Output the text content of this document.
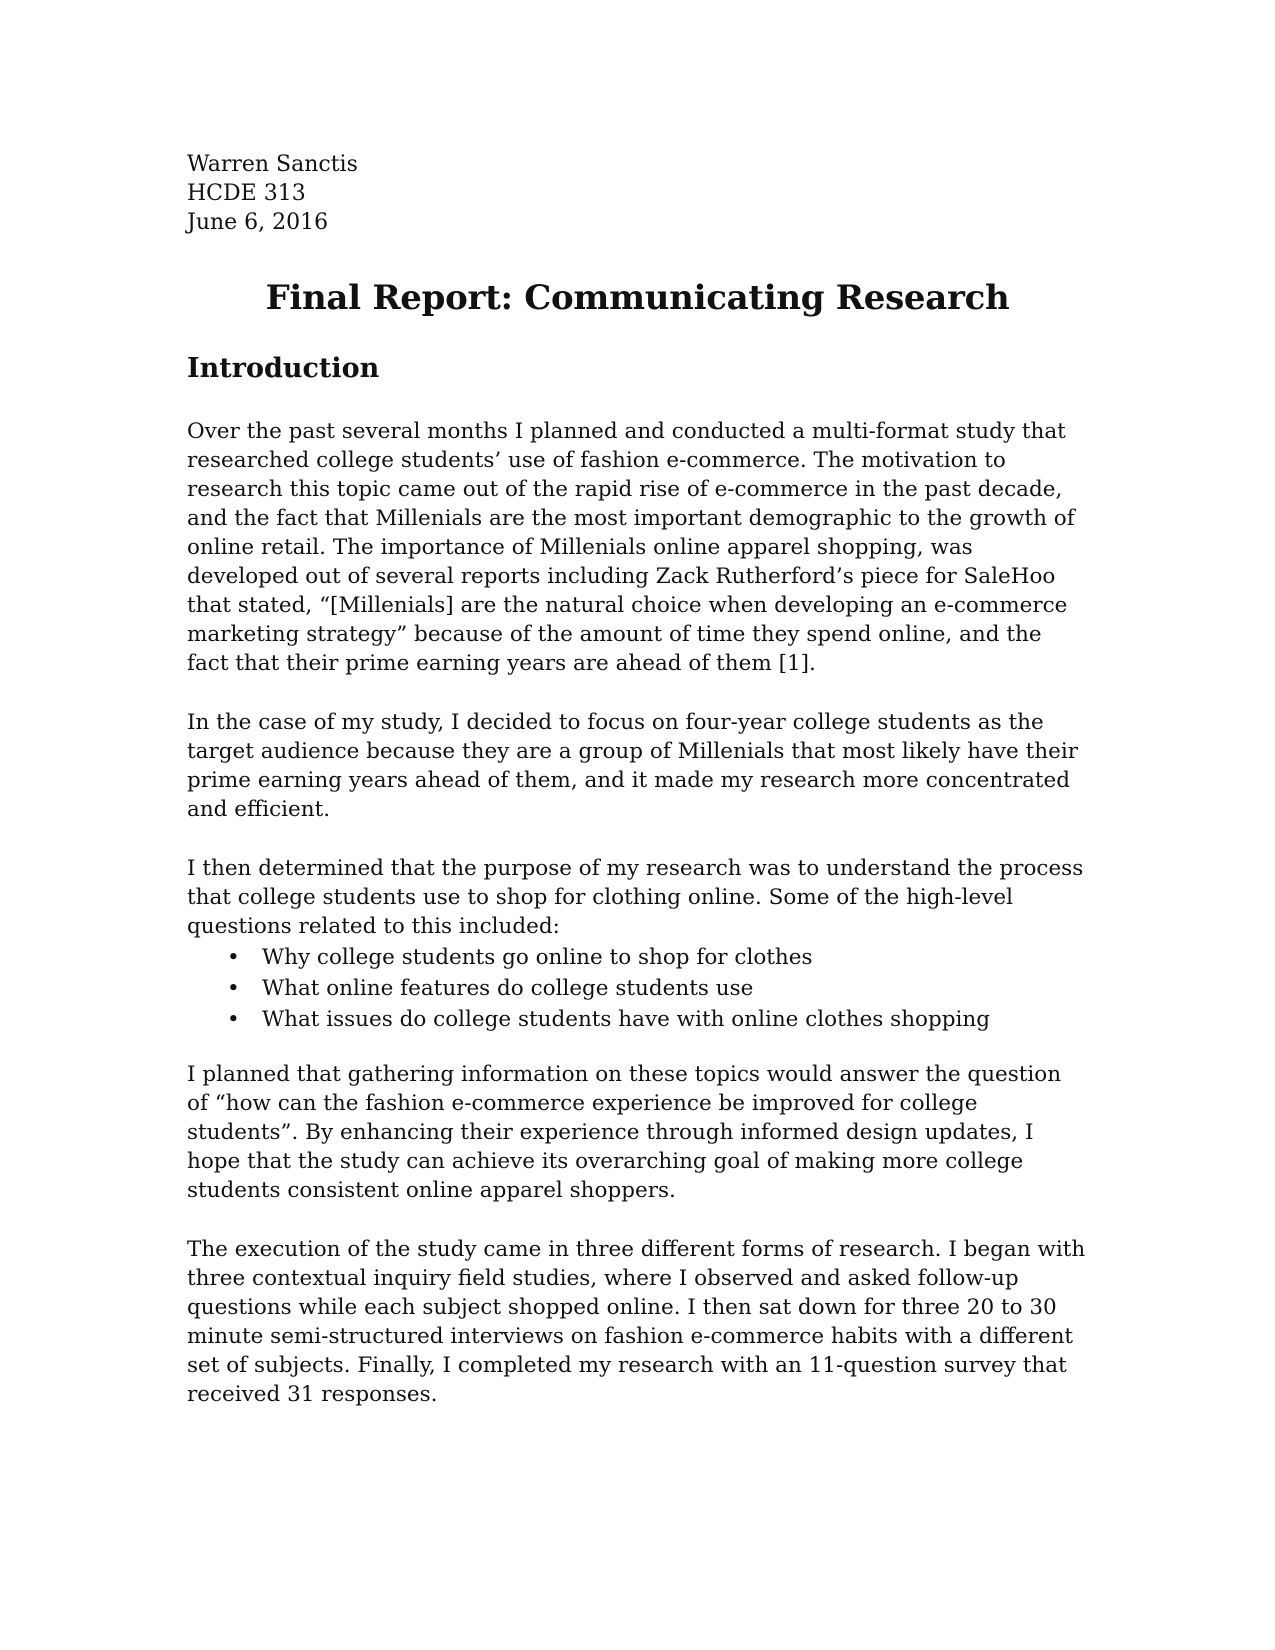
Warren Sanctis
HCDE 313
June 6, 2016
Final Report: Communicating Research
Introduction

Over the past several months I planned and conducted a multi-format study that researched college students’ use of fashion e-commerce. The motivation to research this topic came out of the rapid rise of e-commerce in the past decade, and the fact that Millenials are the most important demographic to the growth of online retail. The importance of Millenials online apparel shopping, was developed out of several reports including Zack Rutherford’s piece for SaleHoo that stated, “[Millenials] are the natural choice when developing an e-commerce marketing strategy” because of the amount of time they spend online, and the fact that their prime earning years are ahead of them [1].

In the case of my study, I decided to focus on four-year college students as the target audience because they are a group of Millenials that most likely have their prime earning years ahead of them, and it made my research more concentrated and efficient.

I then determined that the purpose of my research was to understand the process that college students use to shop for clothing online. Some of the high-level questions related to this included:

• Why college students go online to shop for clothes
• What online features do college students use
• What issues do college students have with online clothes shopping

I planned that gathering information on these topics would answer the question of “how can the fashion e-commerce experience be improved for college students”. By enhancing their experience through informed design updates, I hope that the study can achieve its overarching goal of making more college students consistent online apparel shoppers.

The execution of the study came in three different forms of research. I began with three contextual inquiry field studies, where I observed and asked follow-up questions while each subject shopped online. I then sat down for three 20 to 30 minute semi-structured interviews on fashion e-commerce habits with a different set of subjects. Finally, I completed my research with an 11-question survey that received 31 responses.
